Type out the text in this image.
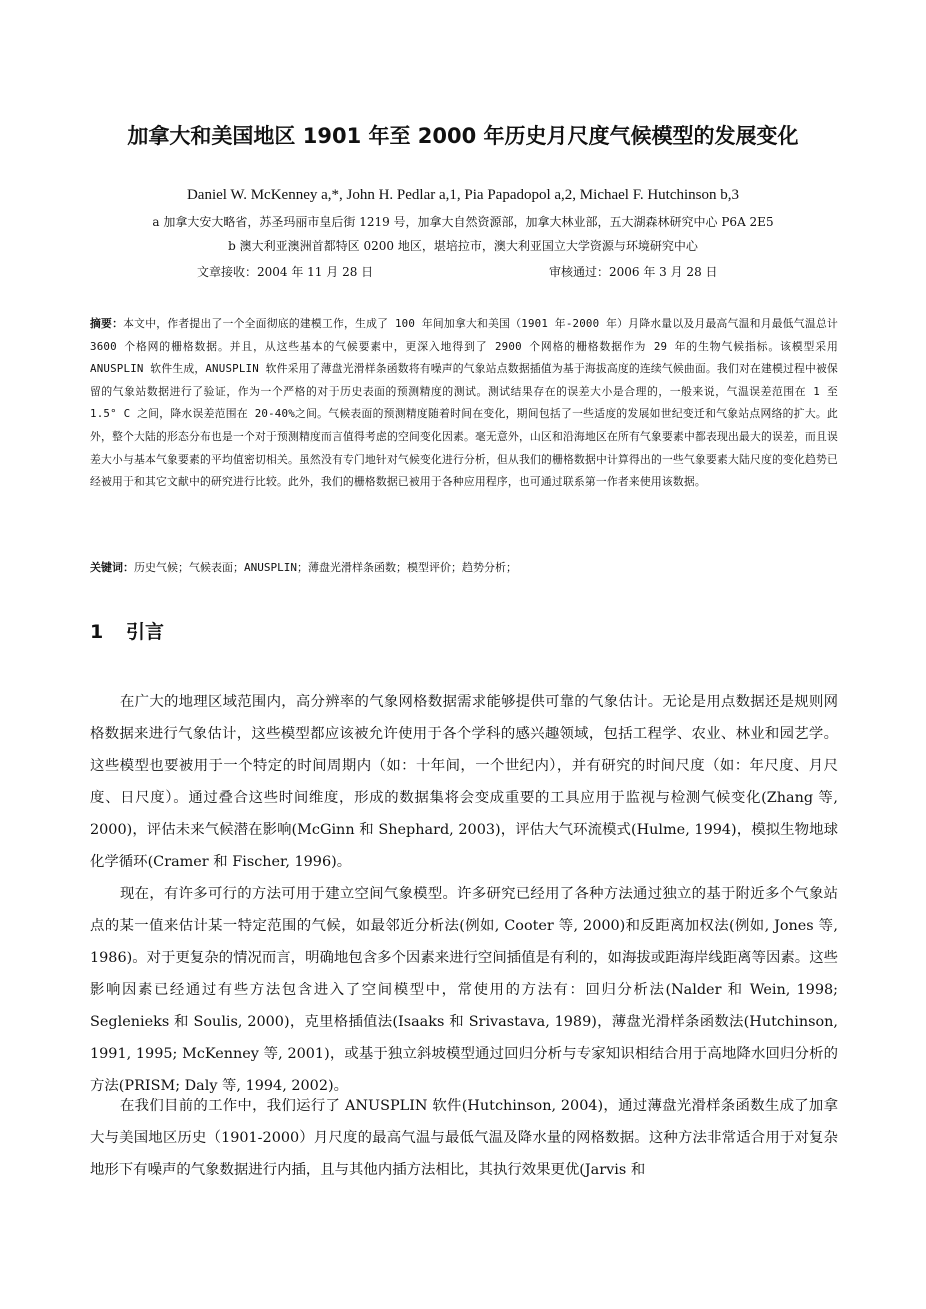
加拿大和美国地区 1901 年至 2000 年历史月尺度气候模型的发展变化
Daniel W. McKenney a,*, John H. Pedlar a,1, Pia Papadopol a,2, Michael F. Hutchinson b,3
a 加拿大安大略省，苏圣玛丽市皇后街 1219 号，加拿大自然资源部，加拿大林业部，五大湖森林研究中心 P6A 2E5
b 澳大利亚澳洲首都特区 0200 地区，堪培拉市，澳大利亚国立大学资源与环境研究中心
文章接收：2004 年 11 月 28 日	审核通过：2006 年 3 月 28 日
摘要：本文中，作者提出了一个全面彻底的建模工作，生成了 100 年间加拿大和美国（1901 年-2000 年）月降水量以及月最高气温和月最低气温总计 3600 个格网的栅格数据。并且，从这些基本的气候要素中，更深入地得到了 2900 个网格的栅格数据作为 29 年的生物气候指标。该模型采用 ANUSPLIN 软件生成，ANUSPLIN 软件采用了薄盘光滑样条函数将有噪声的气象站点数据插值为基于海拔高度的连续气候曲面。我们对在建模过程中被保留的气象站数据进行了验证，作为一个严格的对于历史表面的预测精度的测试。测试结果存在的误差大小是合理的，一般来说，气温误差范围在 1 至 1.5° C 之间，降水误差范围在 20-40%之间。气候表面的预测精度随着时间在变化，期间包括了一些适度的发展如世纪变迁和气象站点网络的扩大。此外，整个大陆的形态分布也是一个对于预测精度而言值得考虑的空间变化因素。毫无意外，山区和沿海地区在所有气象要素中都表现出最大的误差，而且误差大小与基本气象要素的平均值密切相关。虽然没有专门地针对气候变化进行分析，但从我们的栅格数据中计算得出的一些气象要素大陆尺度的变化趋势已经被用于和其它文献中的研究进行比较。此外，我们的栅格数据已被用于各种应用程序，也可通过联系第一作者来使用该数据。
关键词：历史气候；气候表面；ANUSPLIN；薄盘光滑样条函数；模型评价；趋势分析；
1 引言

在广大的地理区域范围内，高分辨率的气象网格数据需求能够提供可靠的气象估计。无论是用点数据还是规则网格数据来进行气象估计，这些模型都应该被允许使用于各个学科的感兴趣领域，包括工程学、农业、林业和园艺学。这些模型也要被用于一个特定的时间周期内（如：十年间，一个世纪内），并有研究的时间尺度（如：年尺度、月尺度、日尺度）。通过叠合这些时间维度，形成的数据集将会变成重要的工具应用于监视与检测气候变化(Zhang 等, 2000)，评估未来气候潜在影响(McGinn 和 Shephard, 2003)，评估大气环流模式(Hulme, 1994)，模拟生物地球化学循环(Cramer 和 Fischer, 1996)。

现在，有许多可行的方法可用于建立空间气象模型。许多研究已经用了各种方法通过独立的基于附近多个气象站点的某一值来估计某一特定范围的气候，如最邻近分析法(例如, Cooter 等, 2000)和反距离加权法(例如, Jones 等, 1986)。对于更复杂的情况而言，明确地包含多个因素来进行空间插值是有利的，如海拔或距海岸线距离等因素。这些影响因素已经通过有些方法包含进入了空间模型中，常使用的方法有：回归分析法(Nalder 和 Wein, 1998; Seglenieks 和 Soulis, 2000)，克里格插值法(Isaaks 和 Srivastava, 1989)，薄盘光滑样条函数法(Hutchinson, 1991, 1995; McKenney 等, 2001)，或基于独立斜坡模型通过回归分析与专家知识相结合用于高地降水回归分析的方法(PRISM; Daly 等, 1994, 2002)。

在我们目前的工作中，我们运行了 ANUSPLIN 软件(Hutchinson, 2004)，通过薄盘光滑样条函数生成了加拿大与美国地区历史（1901-2000）月尺度的最高气温与最低气温及降水量的网格数据。这种方法非常适合用于对复杂地形下有噪声的气象数据进行内插，且与其他内插方法相比，其执行效果更优(Jarvis 和
